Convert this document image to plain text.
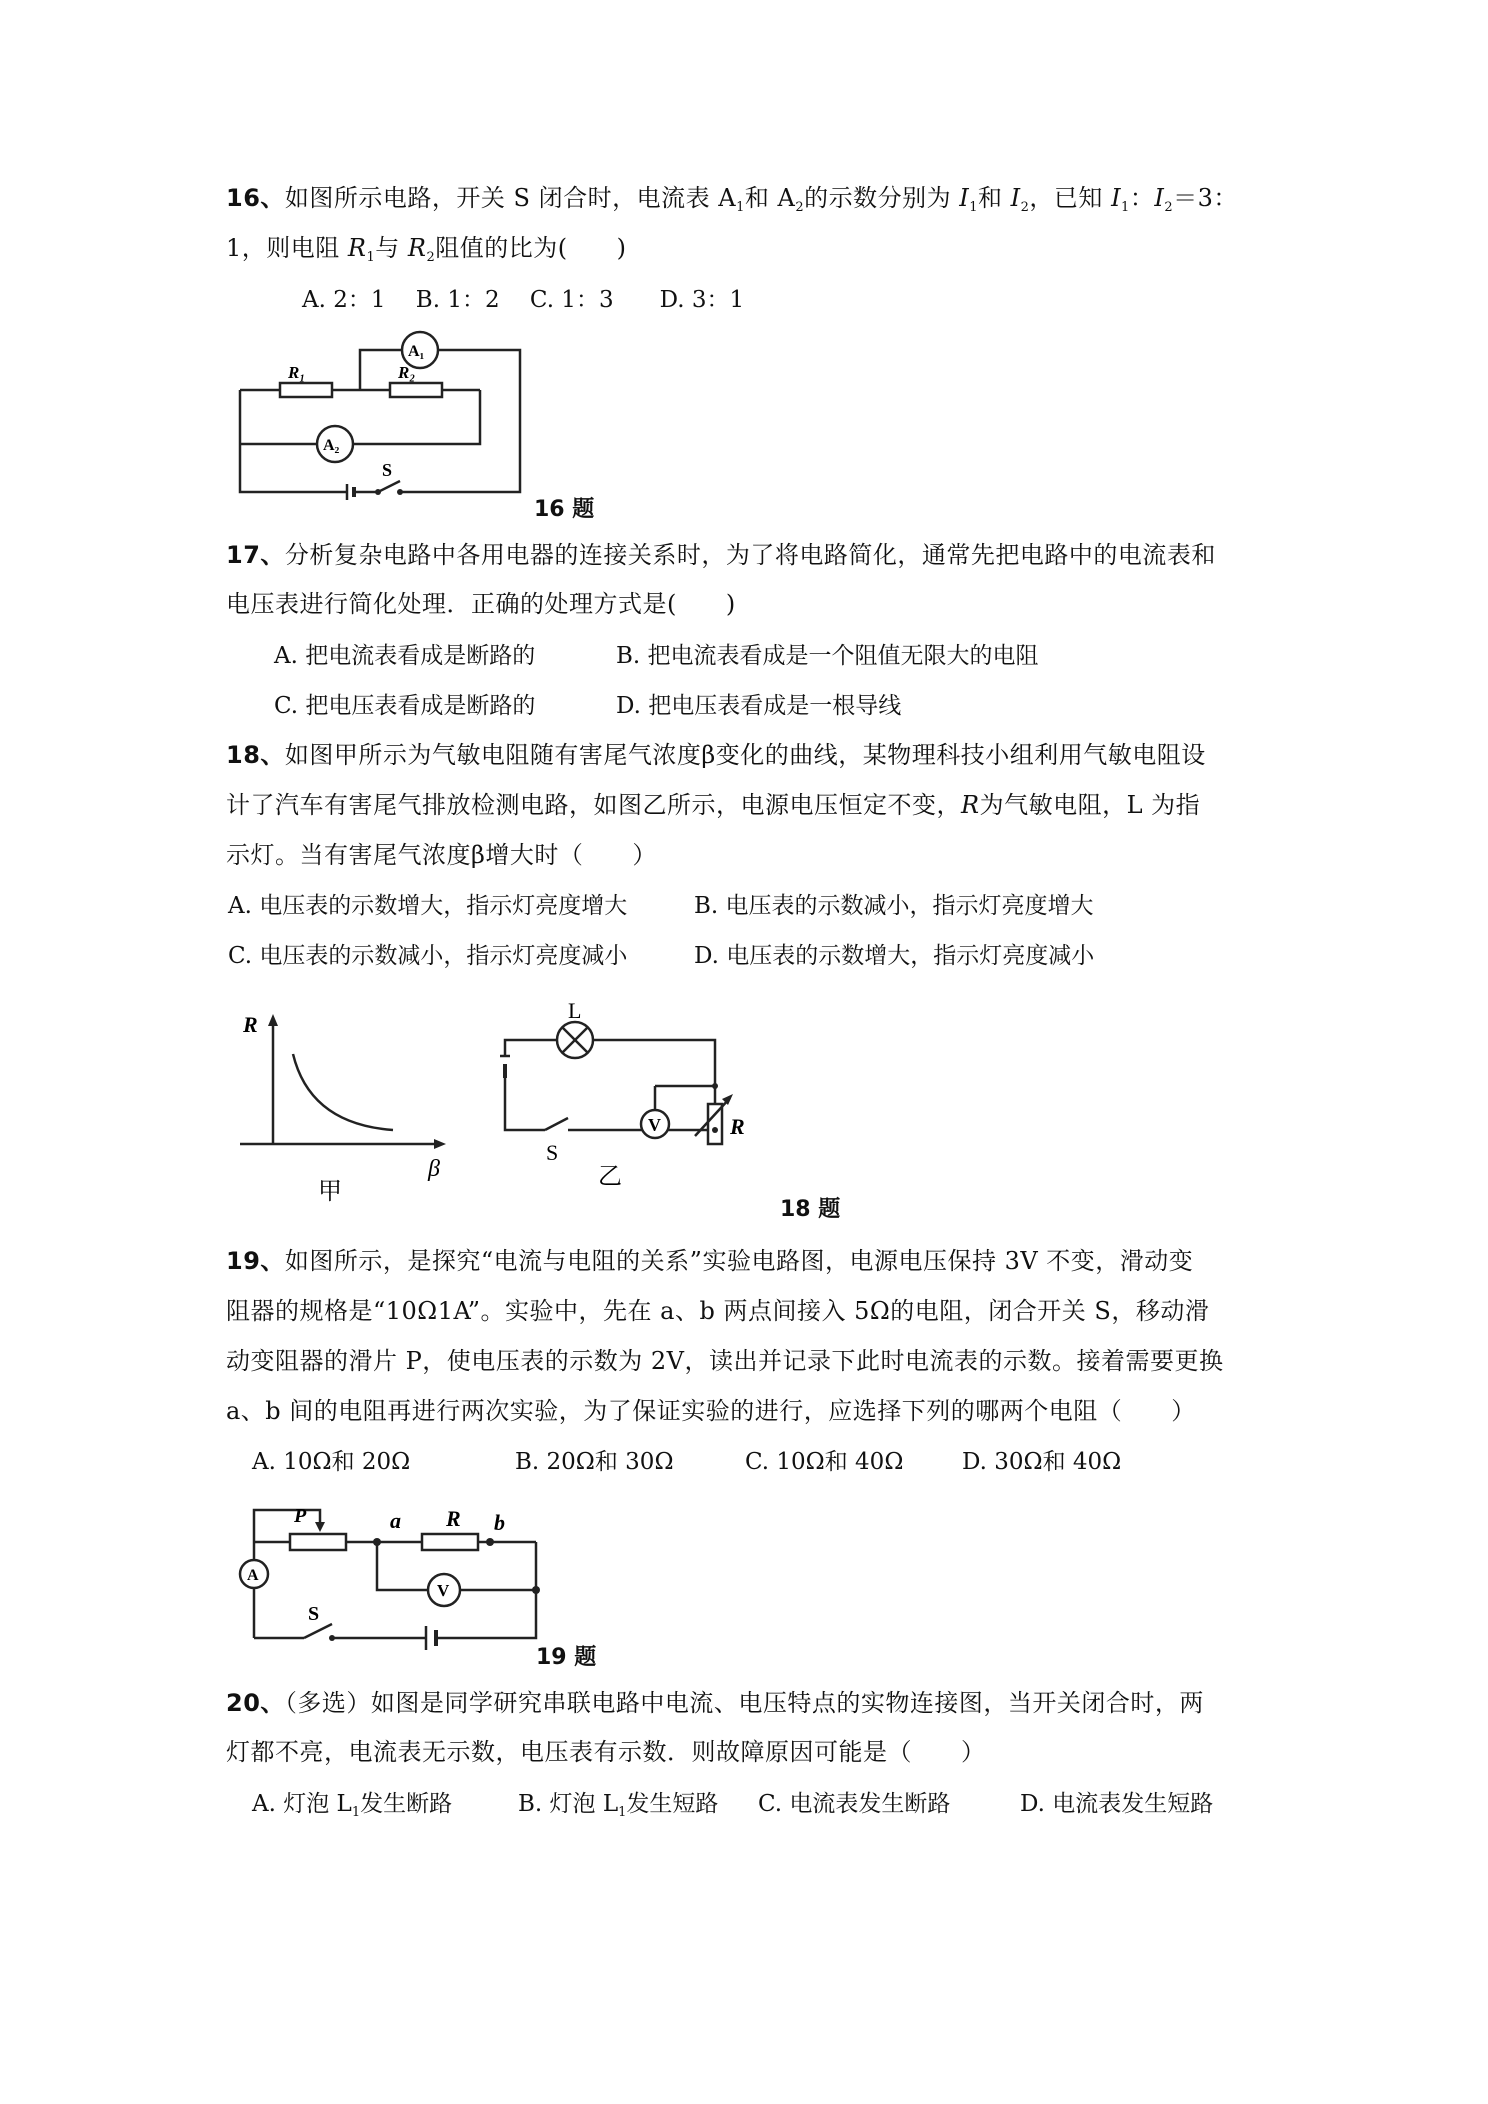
16、如图所示电路，开关 S 闭合时，电流表 $A_1$和 $A_2$的示数分别为 $I_1$和 $I_2$，已知 $I_1$：$I_2=3$：
1，则电阻 $R_1$与 $R_2$阻值的比为(　　)
A. 2：1　 B. 1：2　 C. 1：3　　D. 3：1
R₁	R₂
A₁
A₂
S
16 题
17、分析复杂电路中各用电器的连接关系时，为了将电路简化，通常先把电路中的电流表和
电压表进行简化处理．正确的处理方式是(　　)
A. 把电流表看成是断路的	B. 把电流表看成是一个阻值无限大的电阻
C. 把电压表看成是断路的	D. 把电压表看成是一根导线
18、如图甲所示为气敏电阻随有害尾气浓度β变化的曲线，某物理科技小组利用气敏电阻设
计了汽车有害尾气排放检测电路，如图乙所示，电源电压恒定不变，R为气敏电阻，L 为指
示灯。当有害尾气浓度β增大时（　　）
A. 电压表的示数增大，指示灯亮度增大	B. 电压表的示数减小，指示灯亮度增大
C. 电压表的示数减小，指示灯亮度减小	D. 电压表的示数增大，指示灯亮度减小
R
β
甲
L
V	R
S
乙
18 题
19、如图所示，是探究“电流与电阻的关系”实验电路图，电源电压保持 3V 不变，滑动变
阻器的规格是“10Ω1A”。实验中，先在 a、b 两点间接入 5Ω的电阻，闭合开关 S，移动滑
动变阻器的滑片 P，使电压表的示数为 2V，读出并记录下此时电流表的示数。接着需要更换
a、b 间的电阻再进行两次实验，为了保证实验的进行，应选择下列的哪两个电阻（　　）
A. 10Ω和 20Ω	B. 20Ω和 30Ω	C. 10Ω和 40Ω	D. 30Ω和 40Ω
P	a R b
A
V
S
19 题
20、（多选）如图是同学研究串联电路中电流、电压特点的实物连接图，当开关闭合时，两
灯都不亮，电流表无示数，电压表有示数．则故障原因可能是（　　）
A. 灯泡 $L_1$发生断路	B. 灯泡 $L_1$发生短路 C. 电流表发生断路	D. 电流表发生短路
